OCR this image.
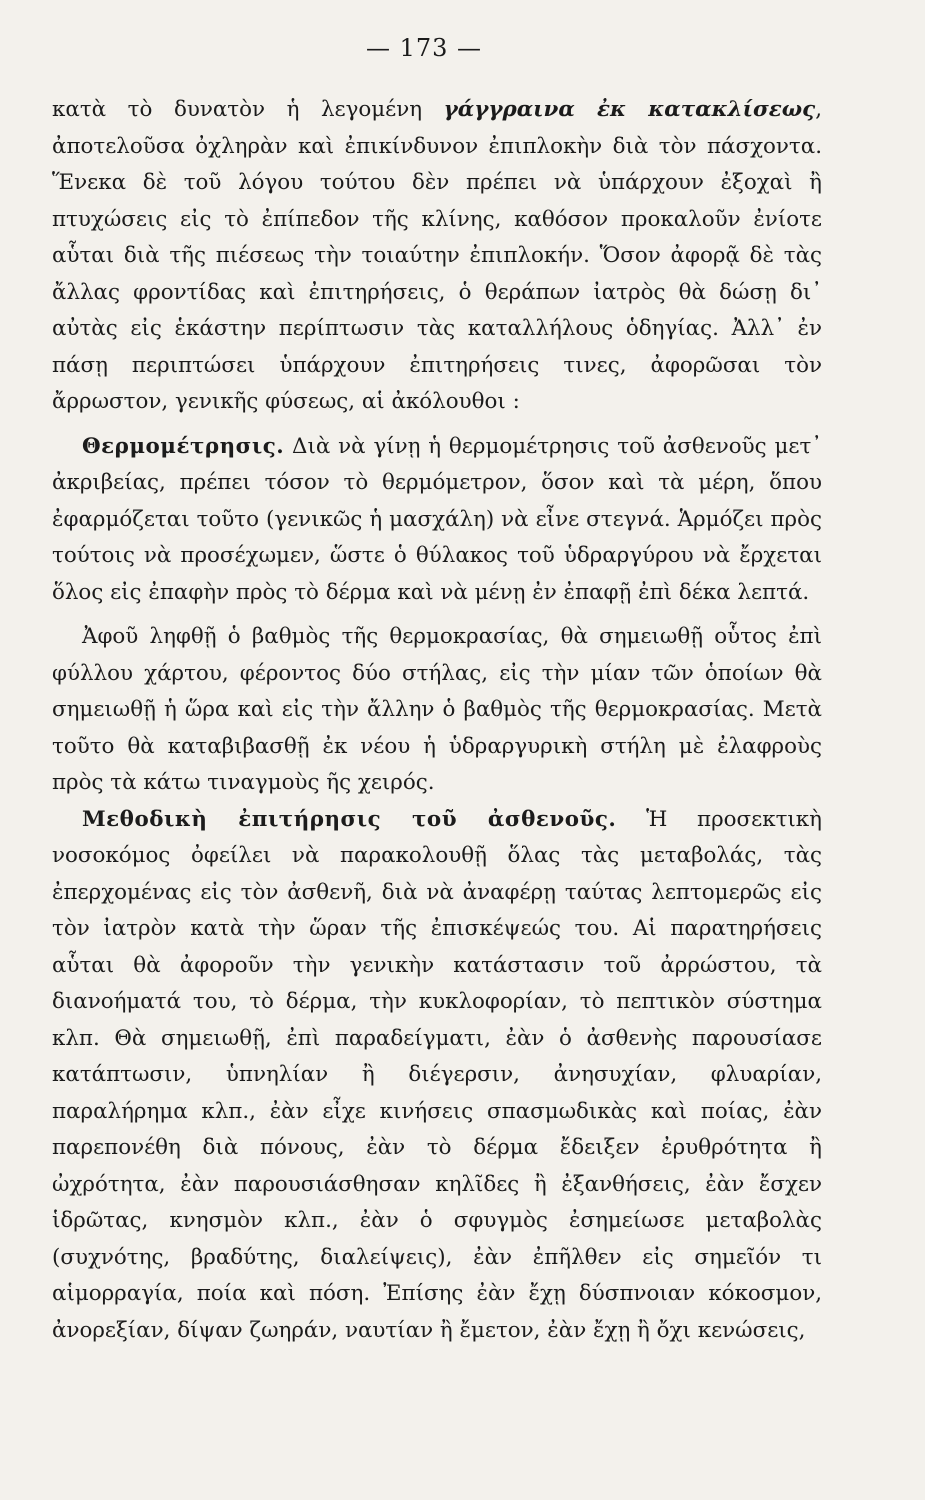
— 173 —

κατὰ τὸ δυνατὸν ἡ λεγομένη γάγγραινα ἐκ κατακλίσεως, ἀποτελοῦσα ὀχληρὰν καὶ ἐπικίνδυνον ἐπιπλοκὴν διὰ τὸν πάσχοντα. Ἕνεκα δὲ τοῦ λόγου τούτου δὲν πρέπει νὰ ὑπάρχουν ἐξοχαὶ ἢ πτυχώσεις εἰς τὸ ἐπίπεδον τῆς κλίνης, καθόσον προκαλοῦν ἐνίοτε αὗται διὰ τῆς πιέσεως τὴν τοιαύτην ἐπιπλοκήν. Ὅσον ἀφορᾷ δὲ τὰς ἄλλας φροντίδας καὶ ἐπιτηρήσεις, ὁ θεράπων ἰατρὸς θὰ δώσῃ δι᾽ αὐτὰς εἰς ἑκάστην περίπτωσιν τὰς καταλλήλους ὁδηγίας. Ἀλλ᾽ ἐν πάσῃ περιπτώσει ὑπάρχουν ἐπιτηρήσεις τινες, ἀφορῶσαι τὸν ἄρρωστον, γενικῆς φύσεως, αἱ ἀκόλουθοι :

Θερμομέτρησις. Διὰ νὰ γίνῃ ἡ θερμομέτρησις τοῦ ἀσθενοῦς μετ᾽ ἀκριβείας, πρέπει τόσον τὸ θερμόμετρον, ὅσον καὶ τὰ μέρη, ὅπου ἐφαρμόζεται τοῦτο (γενικῶς ἡ μασχάλη) νὰ εἶνε στεγνά. Ἁρμόζει πρὸς τούτοις νὰ προσέχωμεν, ὥστε ὁ θύλακος τοῦ ὑδραργύρου νὰ ἔρχεται ὅλος εἰς ἐπαφὴν πρὸς τὸ δέρμα καὶ νὰ μένῃ ἐν ἐπαφῇ ἐπὶ δέκα λεπτά.

Ἀφοῦ ληφθῇ ὁ βαθμὸς τῆς θερμοκρασίας, θὰ σημειωθῇ οὗτος ἐπὶ φύλλου χάρτου, φέροντος δύο στήλας, εἰς τὴν μίαν τῶν ὁποίων θὰ σημειωθῇ ἡ ὥρα καὶ εἰς τὴν ἄλλην ὁ βαθμὸς τῆς θερμοκρασίας. Μετὰ τοῦτο θὰ καταβιβασθῇ ἐκ νέου ἡ ὑδραργυρικὴ στήλη μὲ ἐλαφροὺς πρὸς τὰ κάτω τιναγμοὺς ῆς χειρός.

Μεθοδικὴ ἐπιτήρησις τοῦ ἀσθενοῦς. Ἡ προσεκτικὴ νοσοκόμος ὀφείλει νὰ παρακολουθῇ ὅλας τὰς μεταβολάς, τὰς ἐπερχομένας εἰς τὸν ἀσθενῆ, διὰ νὰ ἀναφέρῃ ταύτας λεπτομερῶς εἰς τὸν ἰατρὸν κατὰ τὴν ὥραν τῆς ἐπισκέψεώς του. Αἱ παρατηρήσεις αὗται θὰ ἀφοροῦν τὴν γενικὴν κατάστασιν τοῦ ἀρρώστου, τὰ διανοήματά του, τὸ δέρμα, τὴν κυκλοφορίαν, τὸ πεπτικὸν σύστημα κλπ. Θὰ σημειωθῇ, ἐπὶ παραδείγματι, ἐὰν ὁ ἀσθενὴς παρουσίασε κατάπτωσιν, ὑπνηλίαν ἢ διέγερσιν, ἀνησυχίαν, φλυαρίαν, παραλήρημα κλπ., ἐὰν εἶχε κινήσεις σπασμωδικὰς καὶ ποίας, ἐὰν παρεπονέθη διὰ πόνους, ἐὰν τὸ δέρμα ἔδειξεν ἐρυθρότητα ἢ ὠχρότητα, ἐὰν παρουσιάσθησαν κηλῖδες ἢ ἐξανθήσεις, ἐὰν ἔσχεν ἱδρῶτας, κνησμὸν κλπ., ἐὰν ὁ σφυγμὸς ἐσημείωσε μεταβολὰς (συχνότης, βραδύτης, διαλείψεις), ἐὰν ἐπῆλθεν εἰς σημεῖόν τι αἱμορραγία, ποία καὶ πόση. Ἐπίσης ἐὰν ἔχῃ δύσπνοιαν κόκοσμον, ἀνορεξίαν, δίψαν ζωηράν, ναυτίαν ἢ ἔμετον, ἐὰν ἔχῃ ἢ ὄχι κενώσεις,
